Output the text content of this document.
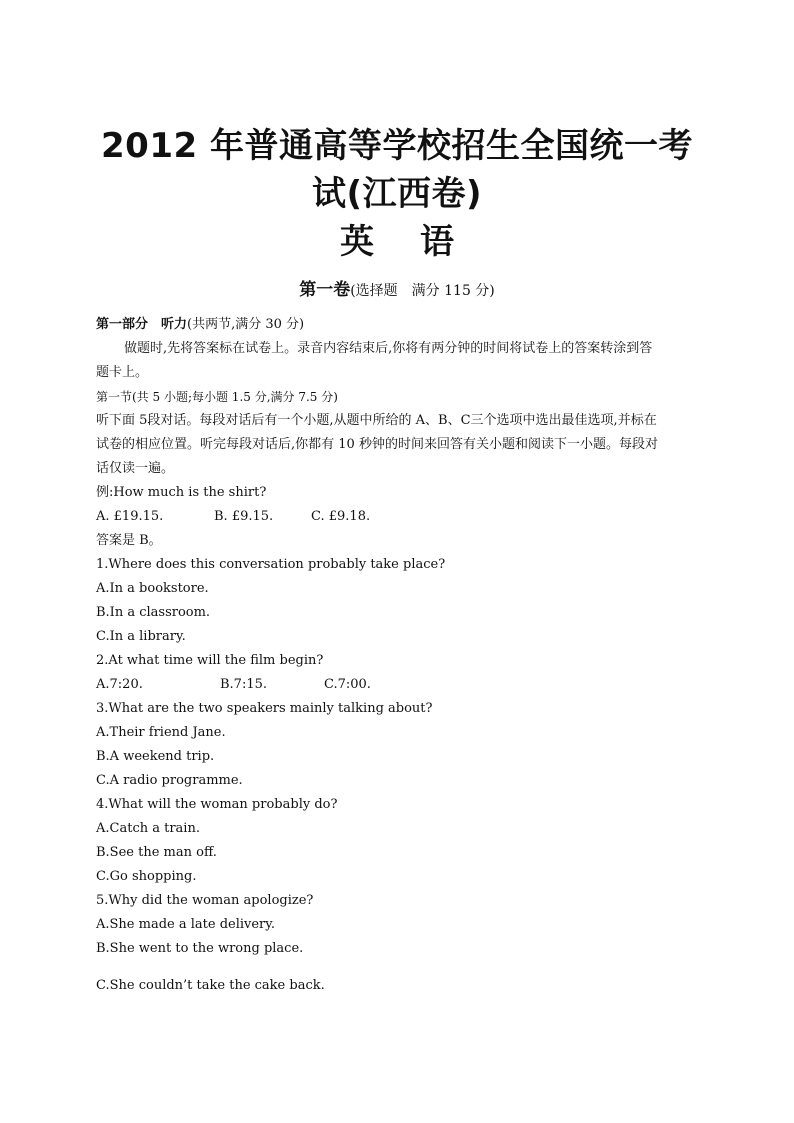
2012 年普通高等学校招生全国统一考
试(江西卷)
英 语
第一卷(选择题　满分 115 分)
第一部分　听力(共两节,满分 30 分)
做题时,先将答案标在试卷上。录音内容结束后,你将有两分钟的时间将试卷上的答案转涂到答
题卡上。
第一节(共 5 小题;每小题 1.5 分,满分 7.5 分)
听下面 5段对话。每段对话后有一个小题,从题中所给的 A、B、C三个选项中选出最佳选项,并标在
试卷的相应位置。听完每段对话后,你都有 10 秒钟的时间来回答有关小题和阅读下一小题。每段对
话仅读一遍。
例:How much is the shirt?
A. £19.15.	B. £9.15.	C. £9.18.
答案是 B。
1.Where does this conversation probably take place?
A.In a bookstore.
B.In a classroom.
C.In a library.
2.At what time will the film begin?
A.7:20.	B.7:15.	C.7:00.
3.What are the two speakers mainly talking about?
A.Their friend Jane.
B.A weekend trip.
C.A radio programme.
4.What will the woman probably do?
A.Catch a train.
B.See the man off.
C.Go shopping.
5.Why did the woman apologize?
A.She made a late delivery.
B.She went to the wrong place.
C.She couldn’t take the cake back.
